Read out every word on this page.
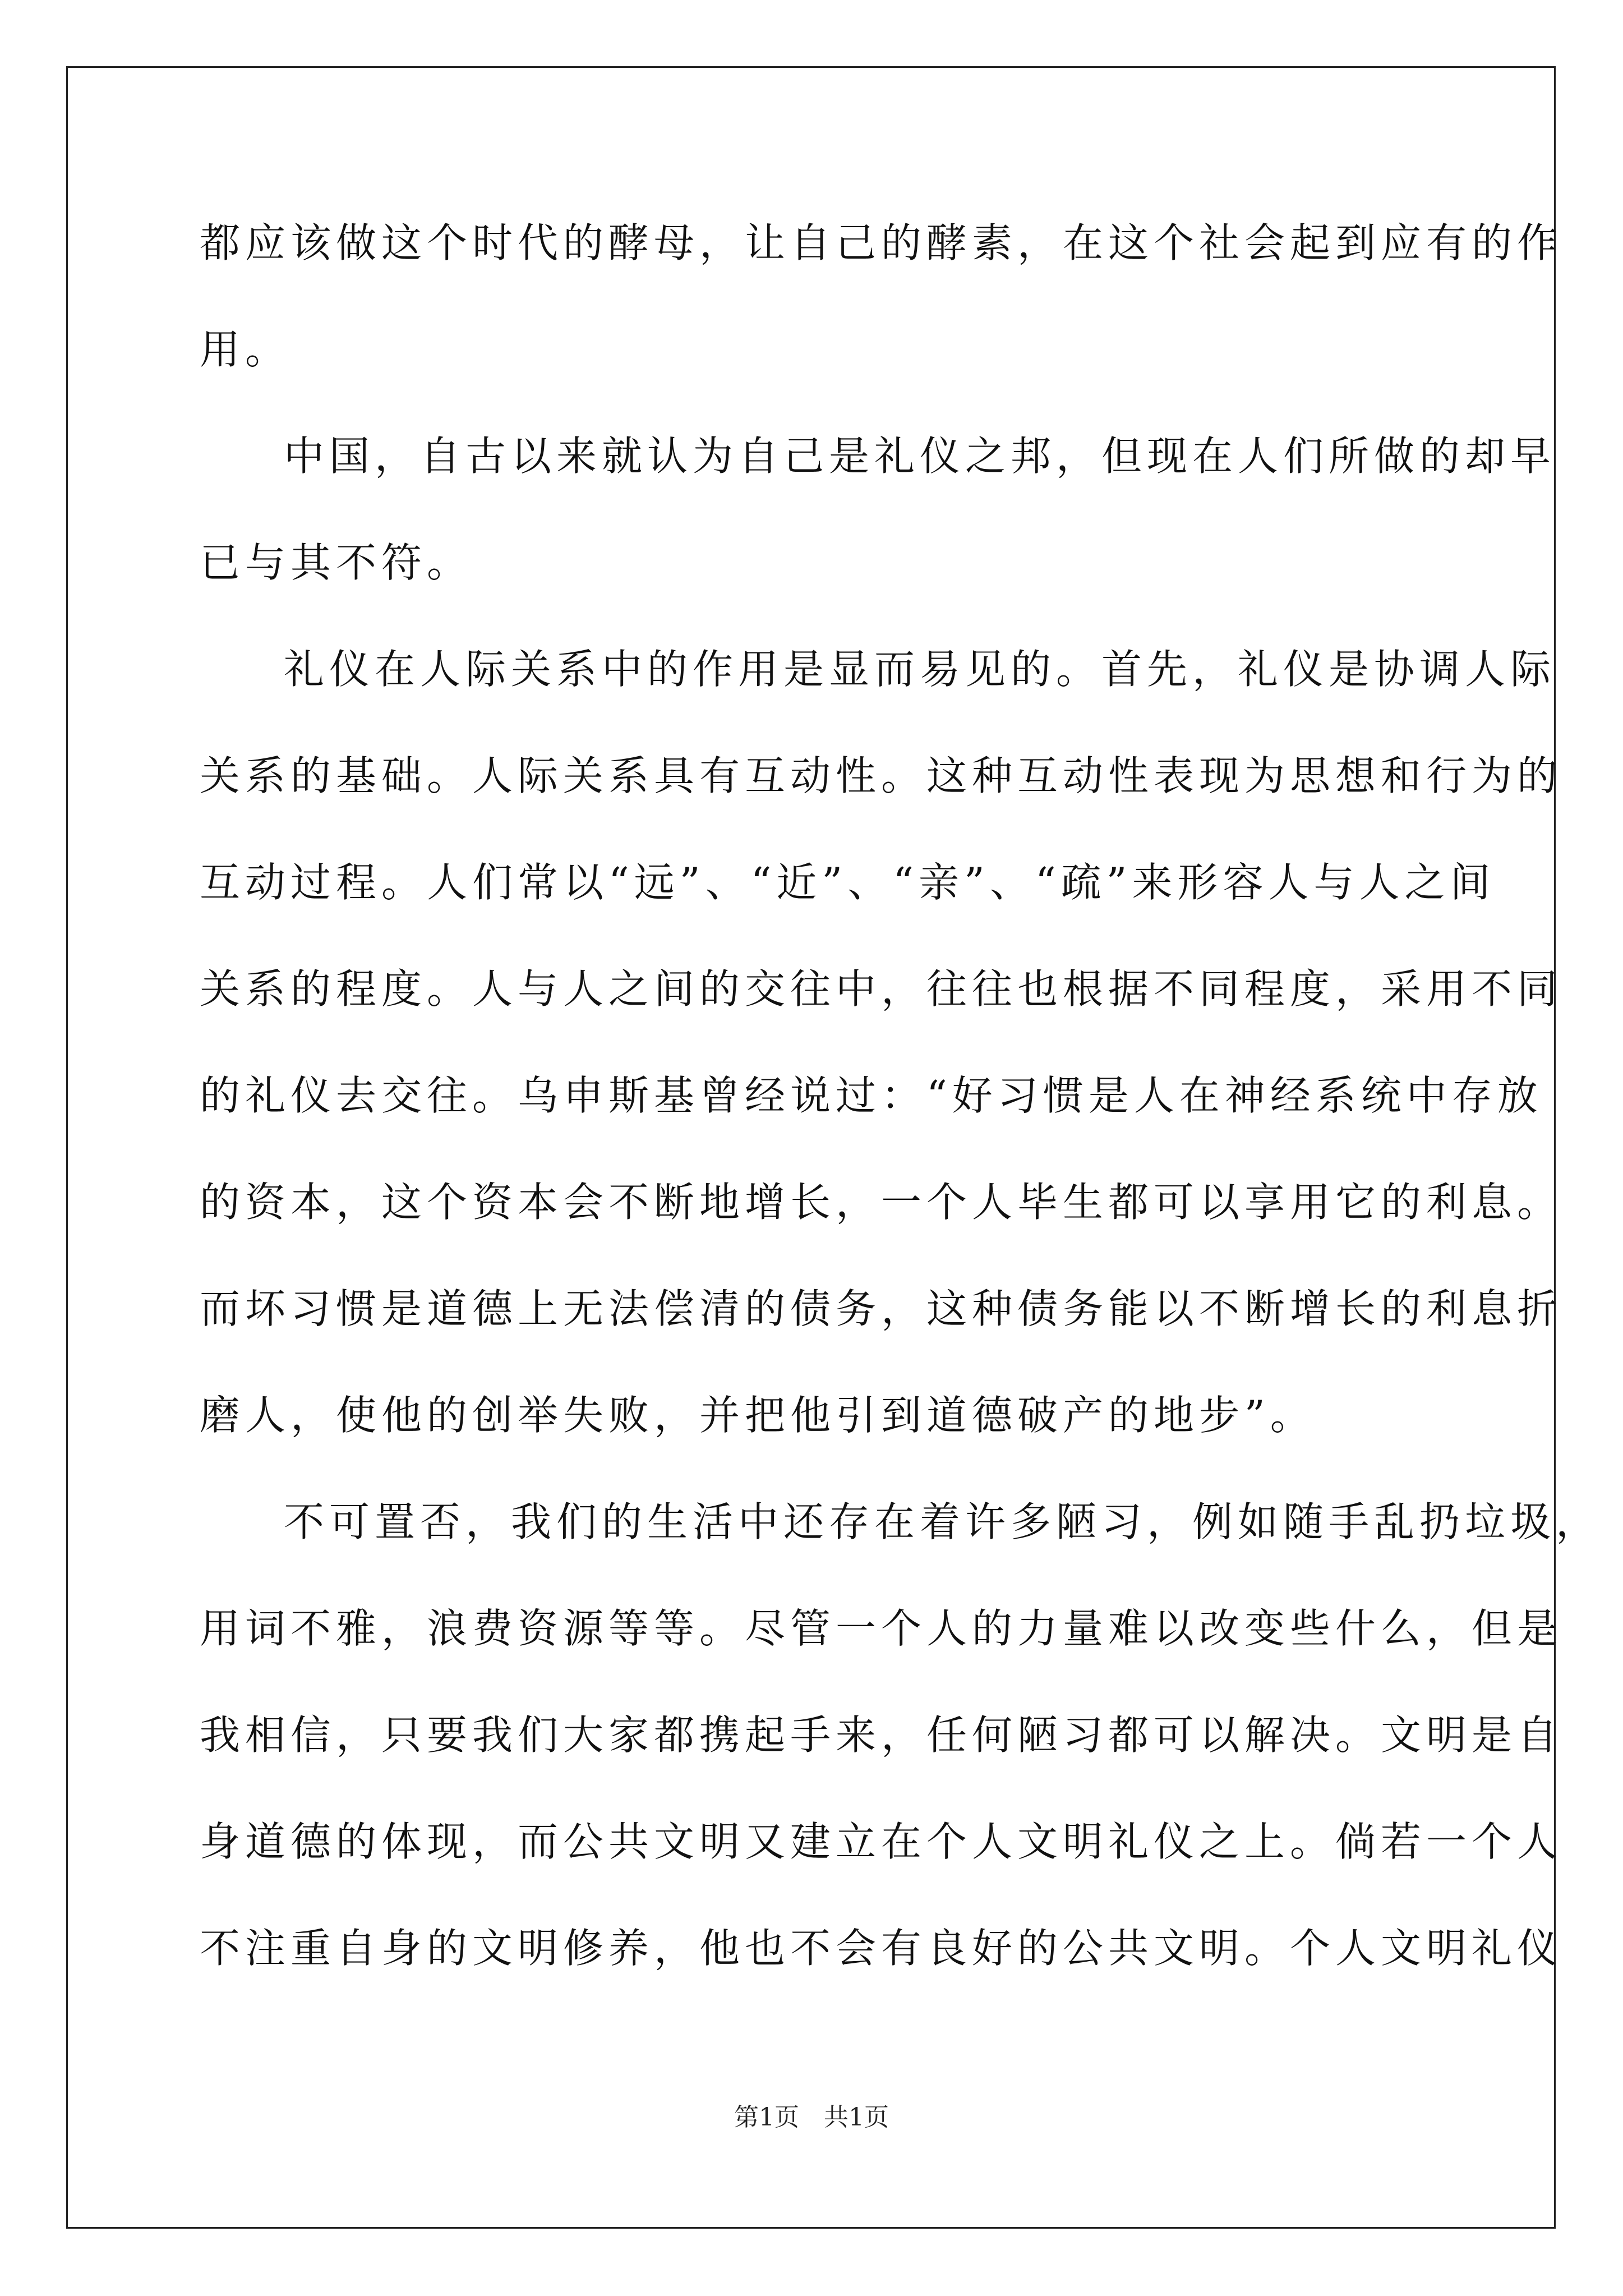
都应该做这个时代的酵母，让自己的酵素，在这个社会起到应有的作
用。
中国，自古以来就认为自己是礼仪之邦，但现在人们所做的却早
已与其不符。
礼仪在人际关系中的作用是显而易见的。首先，礼仪是协调人际
关系的基础。人际关系具有互动性。这种互动性表现为思想和行为的
互动过程。人们常以“远”、“近”、“亲”、“疏”来形容人与人之间
关系的程度。人与人之间的交往中，往往也根据不同程度，采用不同
的礼仪去交往。乌申斯基曾经说过：“好习惯是人在神经系统中存放
的资本，这个资本会不断地增长，一个人毕生都可以享用它的利息。
而坏习惯是道德上无法偿清的债务，这种债务能以不断增长的利息折
磨人，使他的创举失败，并把他引到道德破产的地步”。
不可置否，我们的生活中还存在着许多陋习，例如随手乱扔垃圾，
用词不雅，浪费资源等等。尽管一个人的力量难以改变些什么，但是
我相信，只要我们大家都携起手来，任何陋习都可以解决。文明是自
身道德的体现，而公共文明又建立在个人文明礼仪之上。倘若一个人
不注重自身的文明修养，他也不会有良好的公共文明。个人文明礼仪
第1页　共1页
